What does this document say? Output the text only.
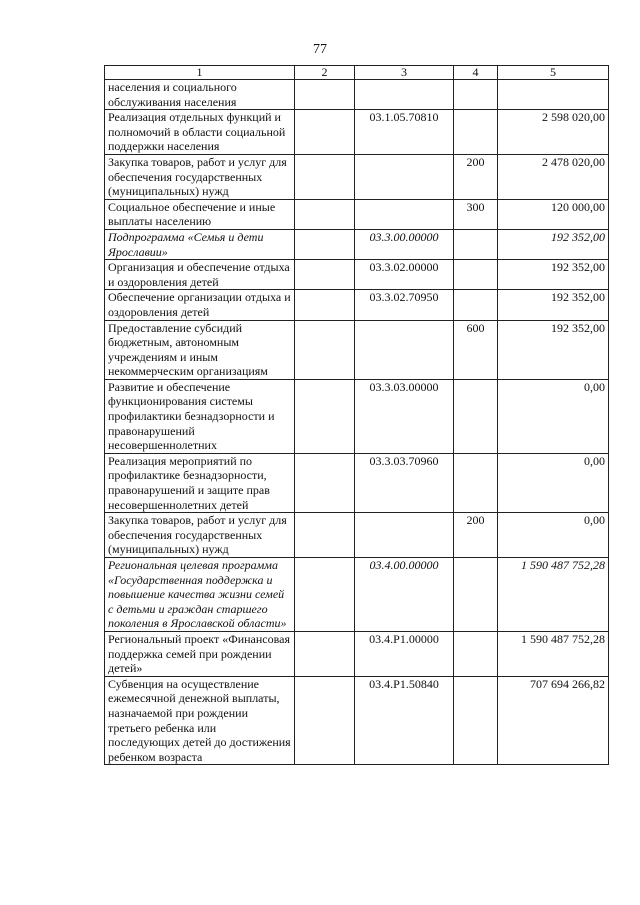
77
1	2	3	4	5
населения и социального обслуживания населения				
Реализация отдельных функций и полномочий в области социальной поддержки населения		03.1.05.70810		2 598 020,00
Закупка товаров, работ и услуг для обеспечения государственных (муниципальных) нужд			200	2 478 020,00
Социальное обеспечение и иные выплаты населению			300	120 000,00
Подпрограмма «Семья и дети Ярославии»		03.3.00.00000		192 352,00
Организация и обеспечение отдыха и оздоровления детей		03.3.02.00000		192 352,00
Обеспечение организации отдыха и оздоровления детей		03.3.02.70950		192 352,00
Предоставление субсидий бюджетным, автономным учреждениям и иным некоммерческим организациям			600	192 352,00
Развитие и обеспечение функционирования системы профилактики безнадзорности и правонарушений несовершеннолетних		03.3.03.00000		0,00
Реализация мероприятий по профилактике безнадзорности, правонарушений и защите прав несовершеннолетних детей		03.3.03.70960		0,00
Закупка товаров, работ и услуг для обеспечения государственных (муниципальных) нужд			200	0,00
Региональная целевая программа «Государственная поддержка и повышение качества жизни семей с детьми и граждан старшего поколения в Ярославской области»		03.4.00.00000		1 590 487 752,28
Региональный проект «Финансовая поддержка семей при рождении детей»		03.4.P1.00000		1 590 487 752,28
Субвенция на осуществление ежемесячной денежной выплаты, назначаемой при рождении третьего ребенка или последующих детей до достижения ребенком возраста		03.4.P1.50840		707 694 266,82
